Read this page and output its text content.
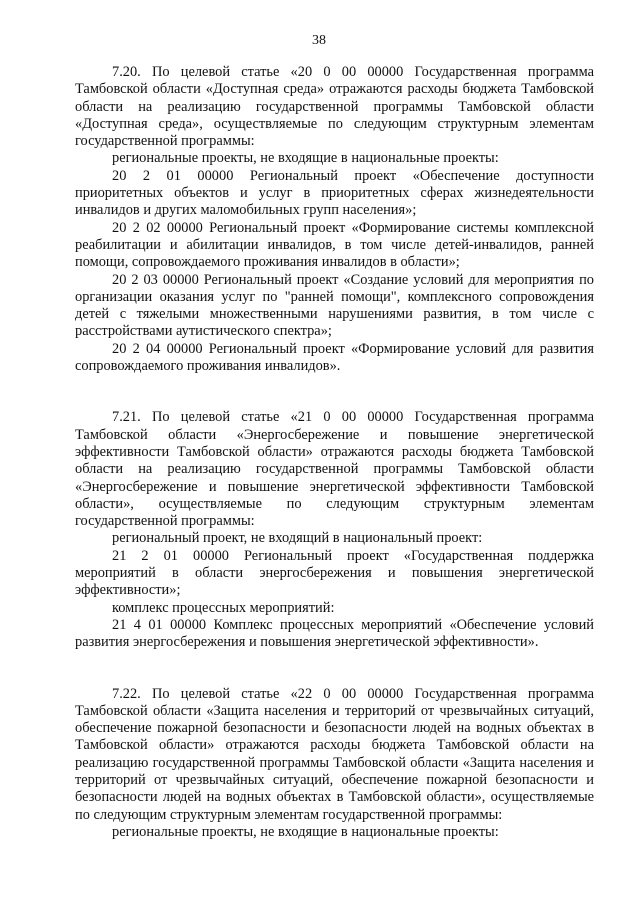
38

7.20. По целевой статье «20 0 00 00000 Государственная программа Тамбовской области «Доступная среда» отражаются расходы бюджета Тамбовской области на реализацию государственной программы Тамбовской области «Доступная среда», осуществляемые по следующим структурным элементам государственной программы:

региональные проекты, не входящие в национальные проекты:

20 2 01 00000 Региональный проект «Обеспечение доступности приоритетных объектов и услуг в приоритетных сферах жизнедеятельности инвалидов и других маломобильных групп населения»;

20 2 02 00000 Региональный проект «Формирование системы комплексной реабилитации и абилитации инвалидов, в том числе детей-инвалидов, ранней помощи, сопровождаемого проживания инвалидов в области»;

20 2 03 00000 Региональный проект «Создание условий для мероприятия по организации оказания услуг по "ранней помощи", комплексного сопровождения детей с тяжелыми множественными нарушениями развития, в том числе с расстройствами аутистического спектра»;

20 2 04 00000 Региональный проект «Формирование условий для развития сопровождаемого проживания инвалидов».

7.21. По целевой статье «21 0 00 00000 Государственная программа Тамбовской области «Энергосбережение и повышение энергетической эффективности Тамбовской области» отражаются расходы бюджета Тамбовской области на реализацию государственной программы Тамбовской области «Энергосбережение и повышение энергетической эффективности Тамбовской области», осуществляемые по следующим структурным элементам государственной программы:

региональный проект, не входящий в национальный проект:

21 2 01 00000 Региональный проект «Государственная поддержка мероприятий в области энергосбережения и повышения энергетической эффективности»;

комплекс процессных мероприятий:

21 4 01 00000 Комплекс процессных мероприятий «Обеспечение условий развития энергосбережения и повышения энергетической эффективности».

7.22. По целевой статье «22 0 00 00000 Государственная программа Тамбовской области «Защита населения и территорий от чрезвычайных ситуаций, обеспечение пожарной безопасности и безопасности людей на водных объектах в Тамбовской области» отражаются расходы бюджета Тамбовской области на реализацию государственной программы Тамбовской области «Защита населения и территорий от чрезвычайных ситуаций, обеспечение пожарной безопасности и безопасности людей на водных объектах в Тамбовской области», осуществляемые по следующим структурным элементам государственной программы:

региональные проекты, не входящие в национальные проекты:
